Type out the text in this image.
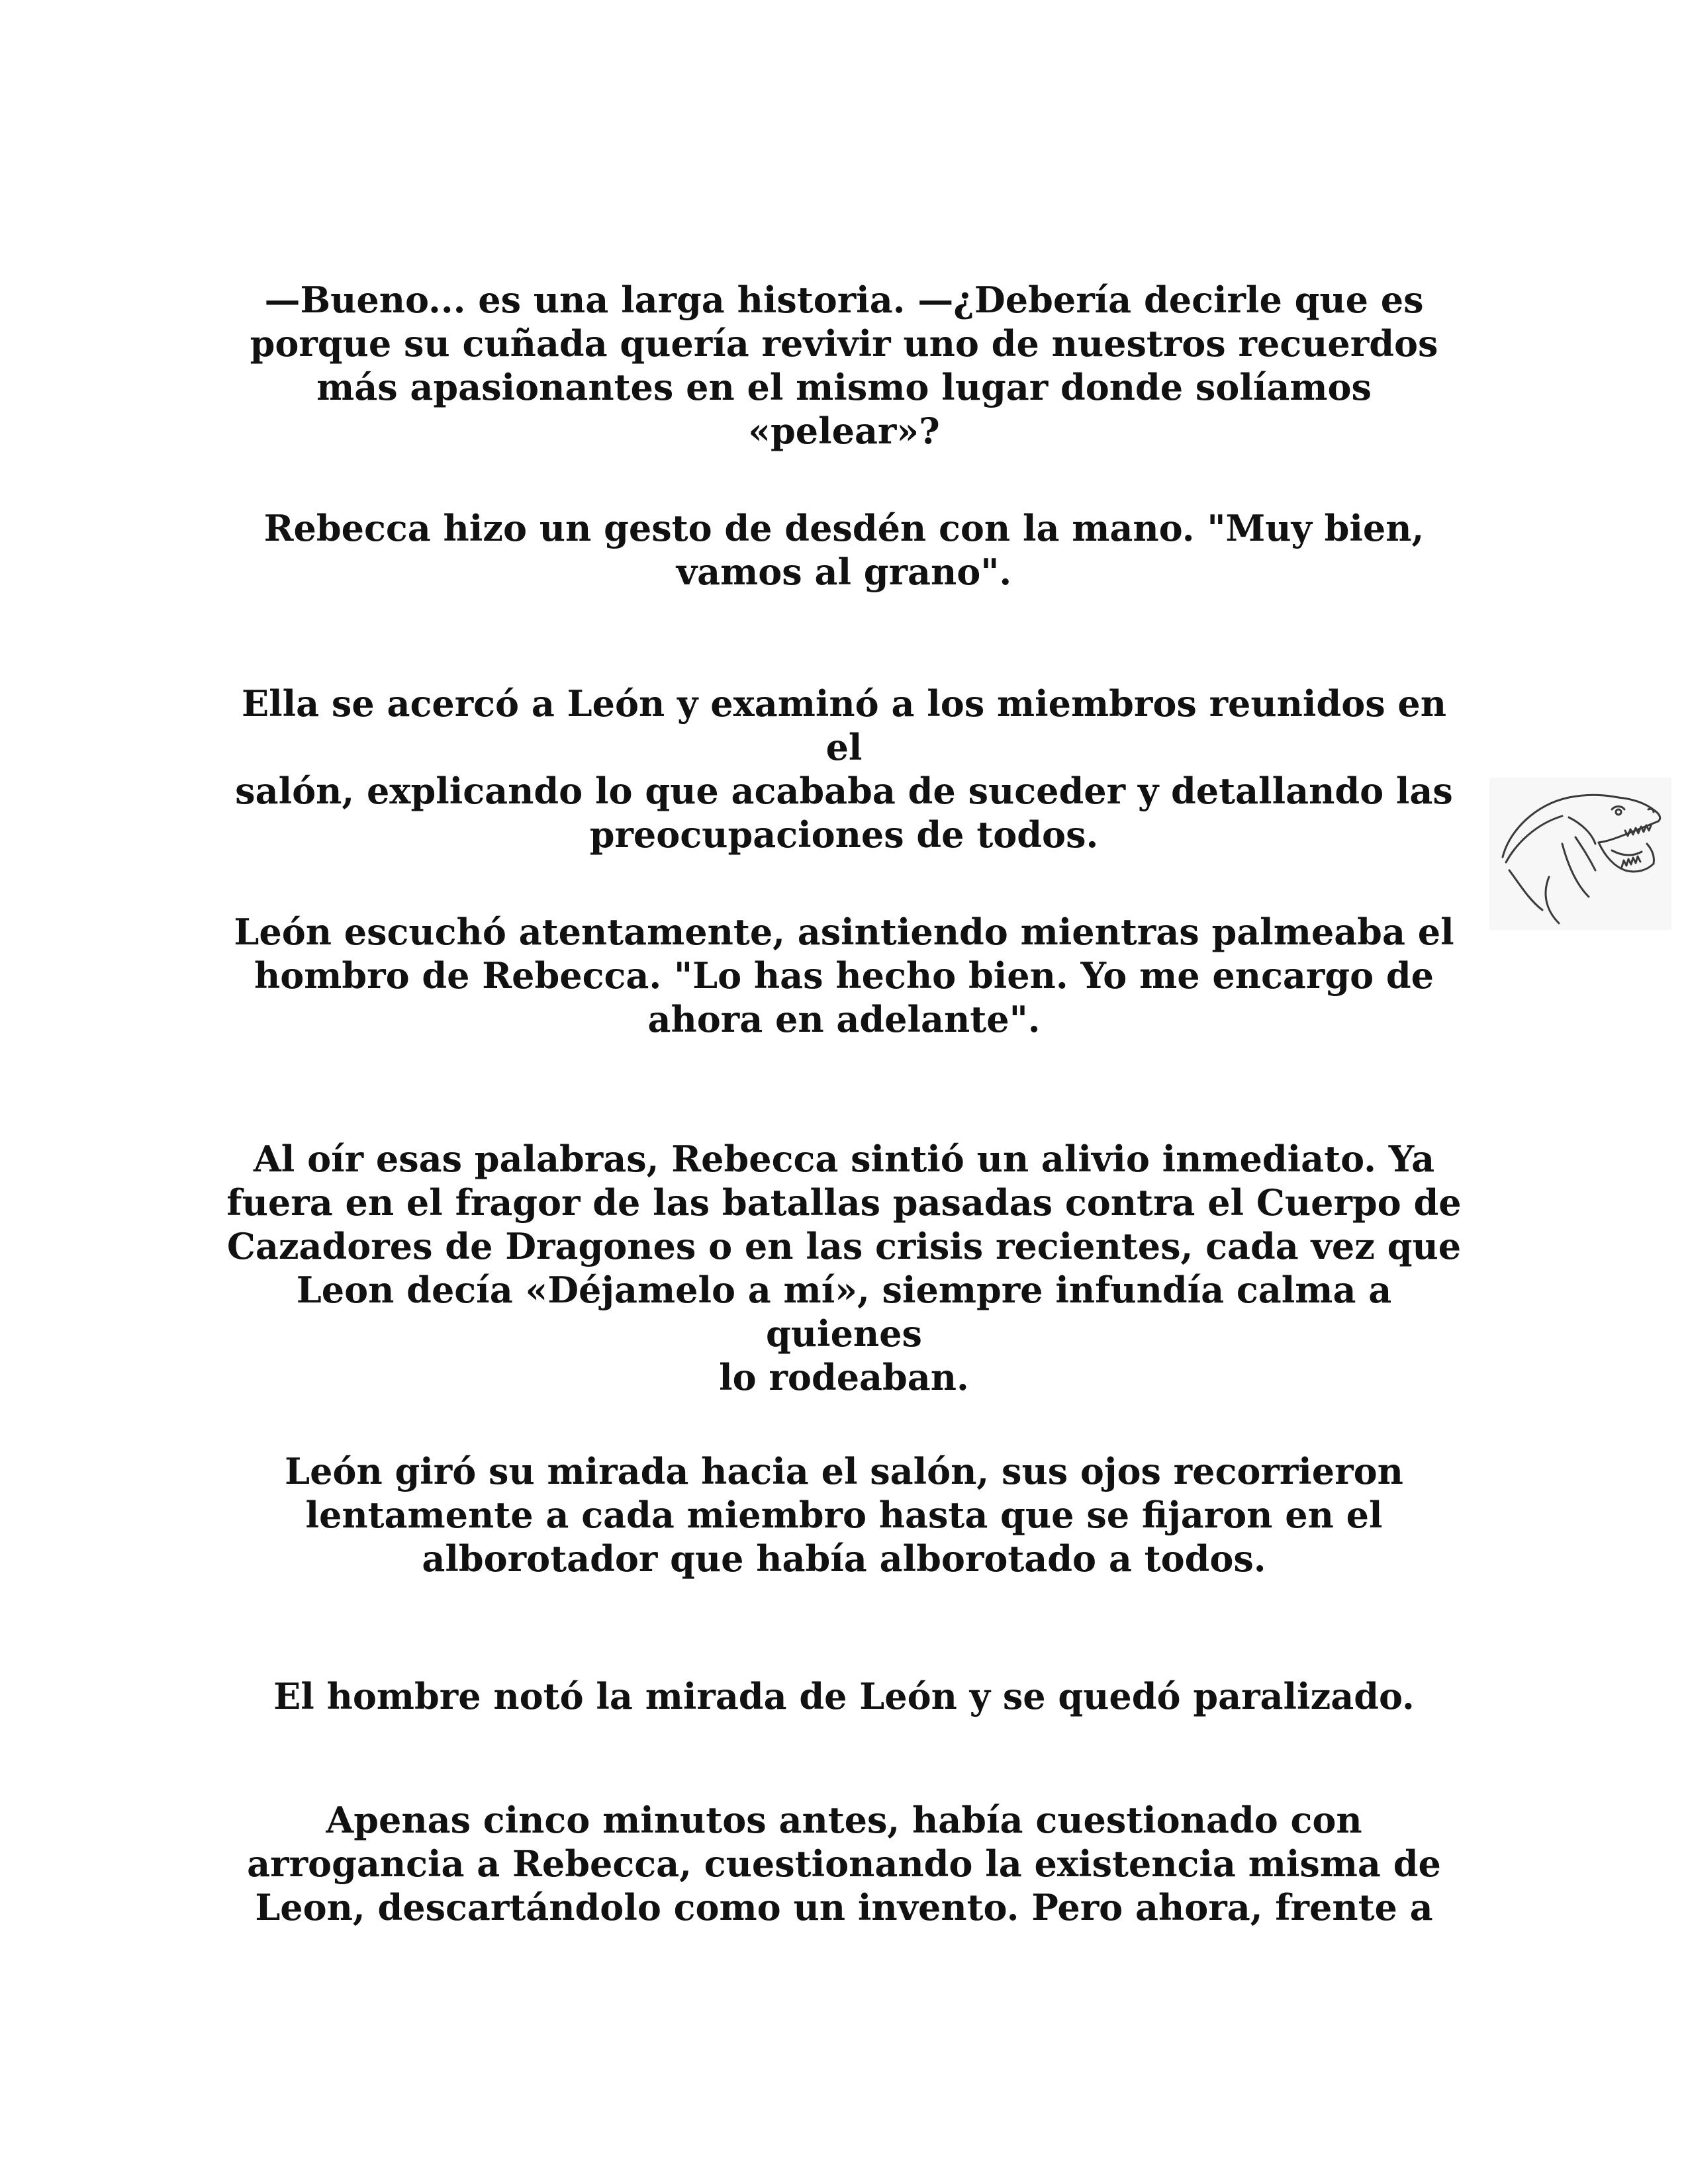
—Bueno... es una larga historia. —¿Debería decirle que es
porque su cuñada quería revivir uno de nuestros recuerdos
más apasionantes en el mismo lugar donde solíamos «pelear»?

Rebecca hizo un gesto de desdén con la mano. "Muy bien,
vamos al grano".

Ella se acercó a León y examinó a los miembros reunidos en el
salón, explicando lo que acababa de suceder y detallando las
preocupaciones de todos.

León escuchó atentamente, asintiendo mientras palmeaba el
hombro de Rebecca. "Lo has hecho bien. Yo me encargo de
ahora en adelante".

Al oír esas palabras, Rebecca sintió un alivio inmediato. Ya
fuera en el fragor de las batallas pasadas contra el Cuerpo de
Cazadores de Dragones o en las crisis recientes, cada vez que
Leon decía «Déjamelo a mí», siempre infundía calma a quienes
lo rodeaban.

León giró su mirada hacia el salón, sus ojos recorrieron
lentamente a cada miembro hasta que se fijaron en el
alborotador que había alborotado a todos.

El hombre notó la mirada de León y se quedó paralizado.

Apenas cinco minutos antes, había cuestionado con
arrogancia a Rebecca, cuestionando la existencia misma de
Leon, descartándolo como un invento. Pero ahora, frente a
